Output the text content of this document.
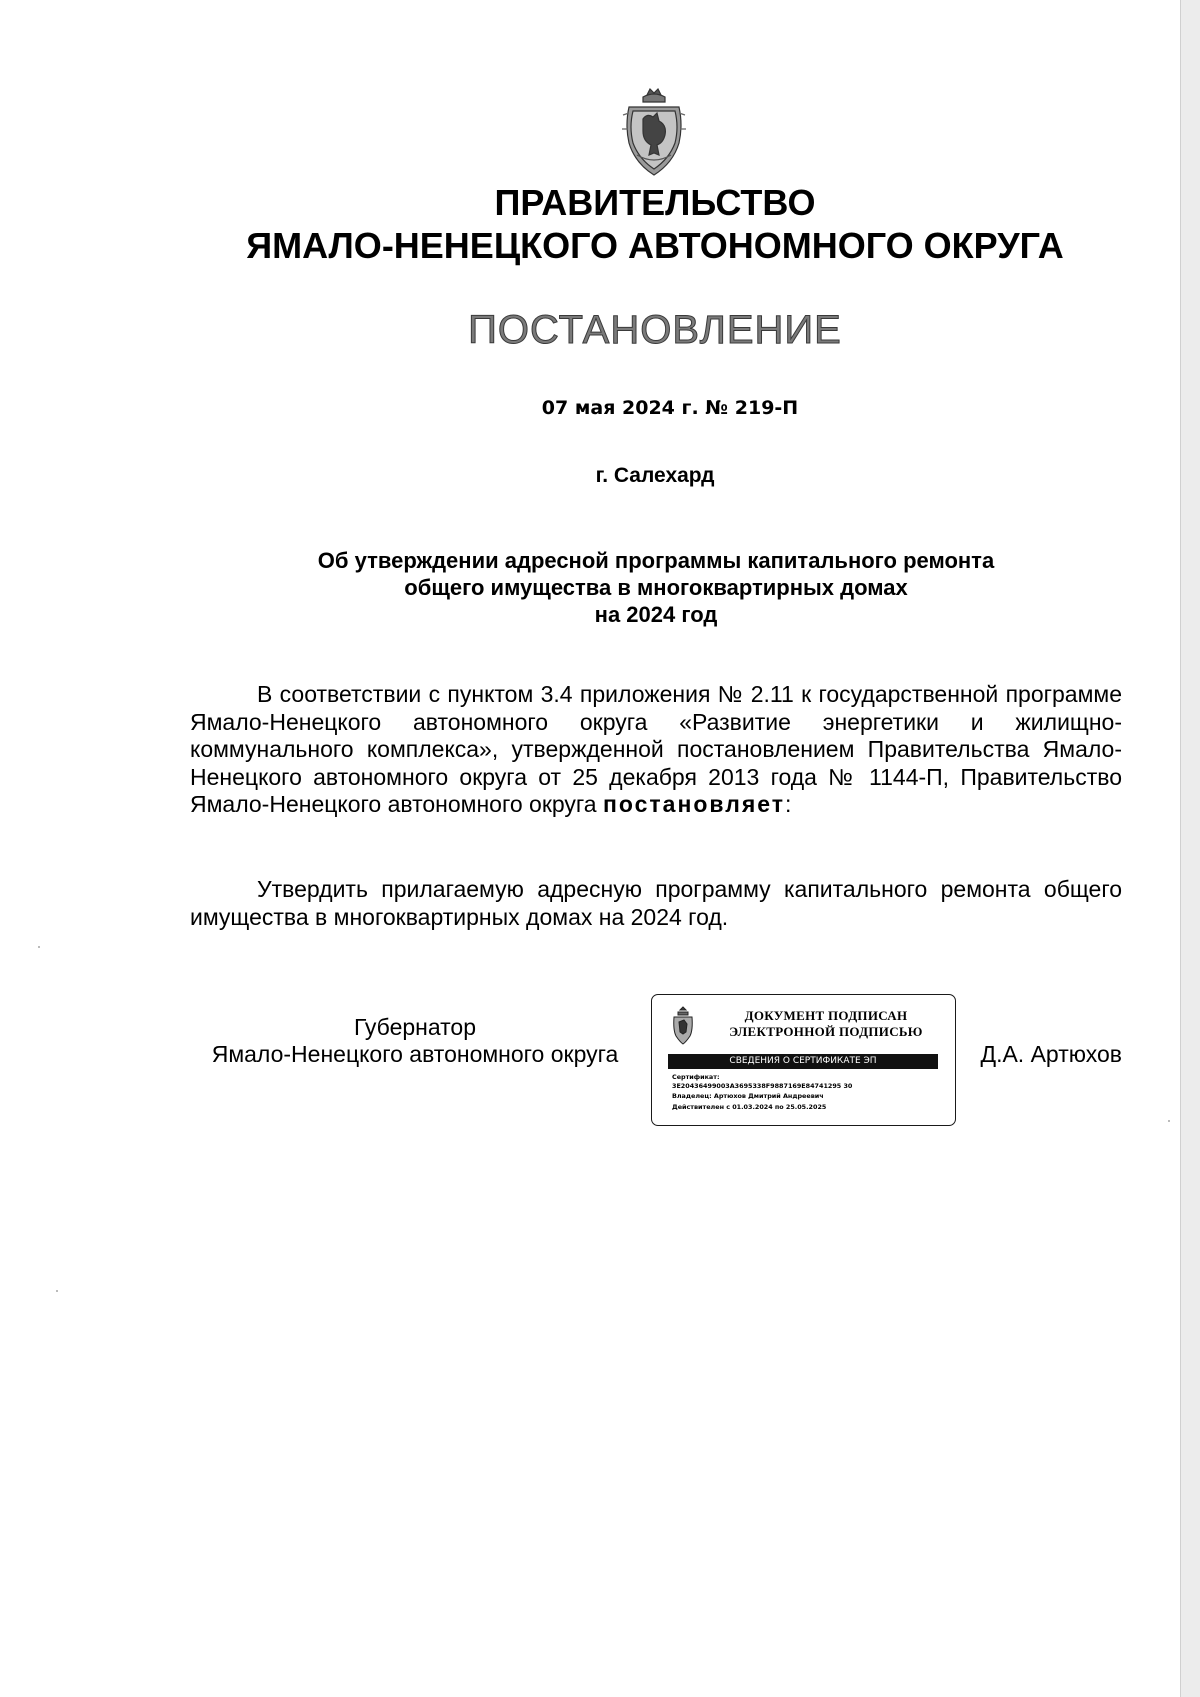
ПРАВИТЕЛЬСТВО
ЯМАЛО-НЕНЕЦКОГО АВТОНОМНОГО ОКРУГА
ПОСТАНОВЛЕНИЕ
07 мая 2024 г. № 219-П
г. Салехард
Об утверждении адресной программы капитального ремонта
общего имущества в многоквартирных домах
на 2024 год
В соответствии с пунктом 3.4 приложения № 2.11 к государственной программе Ямало-Ненецкого автономного округа «Развитие энергетики и жилищно-коммунального комплекса», утвержденной постановлением Правительства Ямало-Ненецкого автономного округа от 25 декабря 2013 года № 1144-П, Правительство Ямало-Ненецкого автономного округа постановляет:
Утвердить прилагаемую адресную программу капитального ремонта общего имущества в многоквартирных домах на 2024 год.
Губернатор
Ямало-Ненецкого автономного округа
ДОКУМЕНТ ПОДПИСАН
ЭЛЕКТРОННОЙ ПОДПИСЬЮ
СВЕДЕНИЯ О СЕРТИФИКАТЕ ЭП
Сертификат:
3E20436499003A3695338F9887169E84741295 30
Владелец: Артюхов Дмитрий Андреевич
Действителен с 01.03.2024 по 25.05.2025
Д.А. Артюхов
